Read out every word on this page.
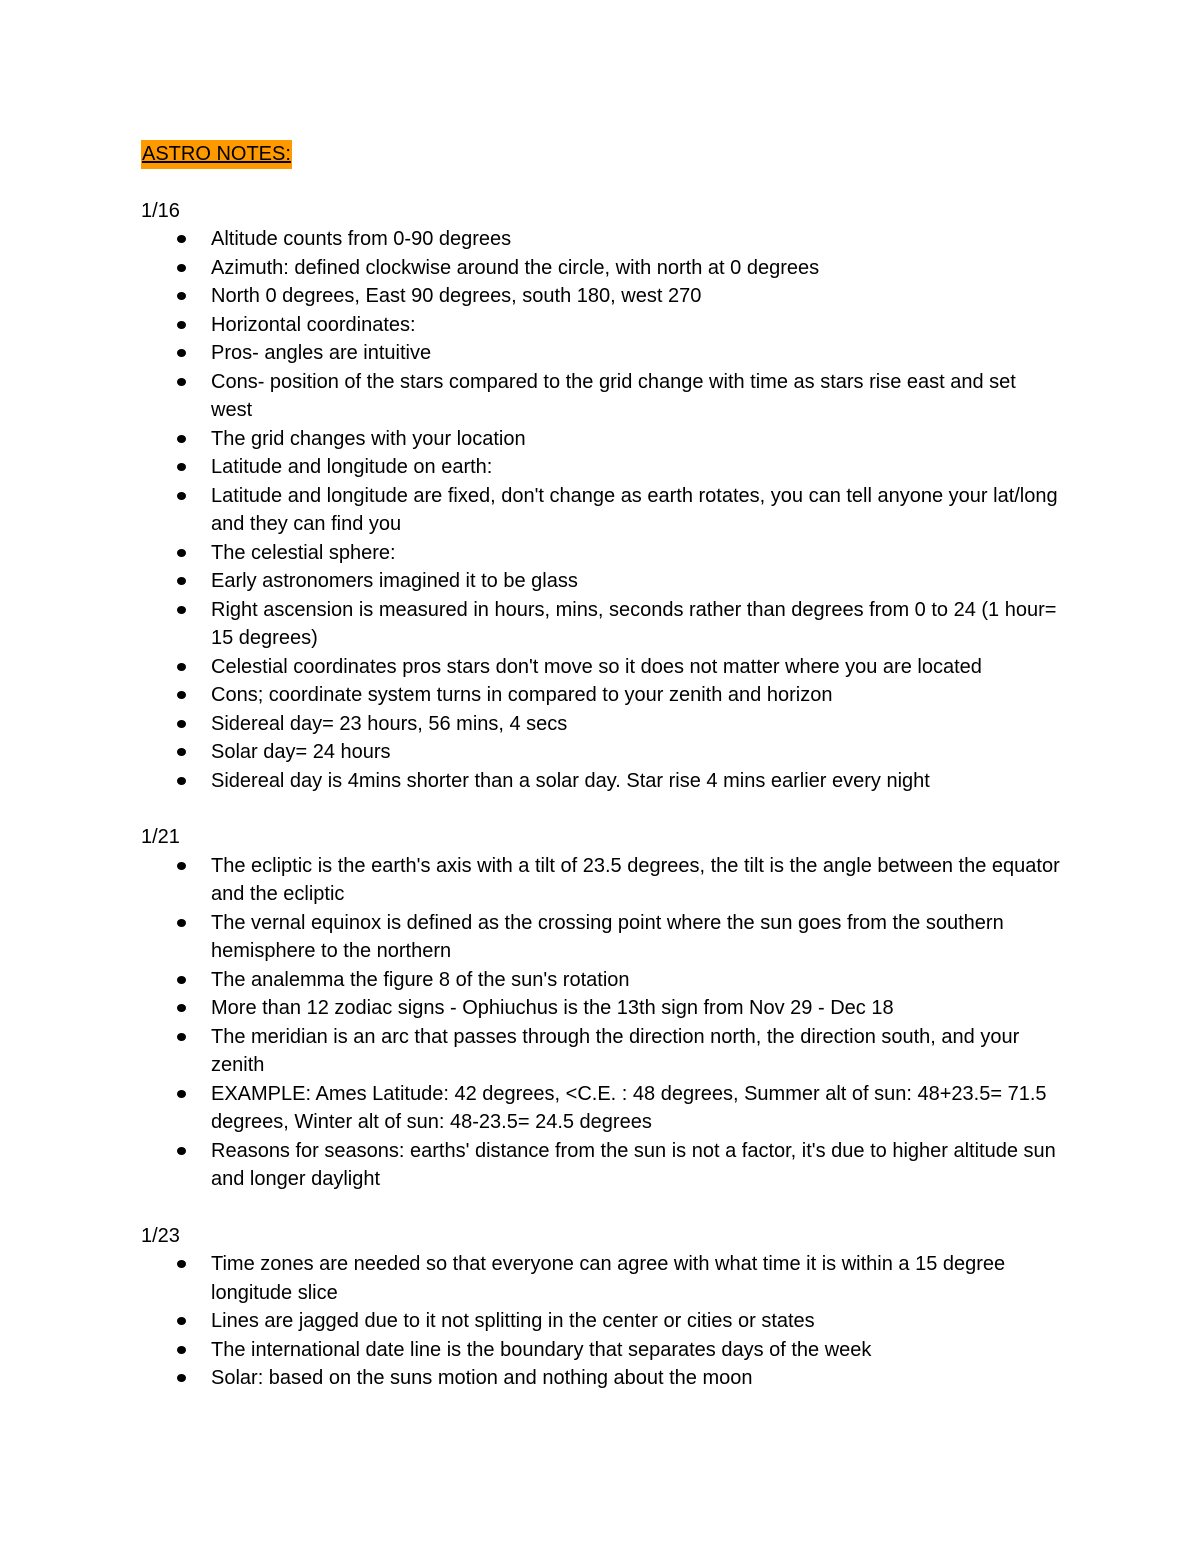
ASTRO NOTES:
1/16
Altitude counts from 0-90 degrees
Azimuth: defined clockwise around the circle, with north at 0 degrees
North 0 degrees, East 90 degrees, south 180, west 270
Horizontal coordinates:
Pros- angles are intuitive
Cons- position of the stars compared to the grid change with time as stars rise east and set west
The grid changes with your location
Latitude and longitude on earth:
Latitude and longitude are fixed, don't change as earth rotates, you can tell anyone your lat/long and they can find you
The celestial sphere:
Early astronomers imagined it to be glass
Right ascension is measured in hours, mins, seconds rather than degrees from 0 to 24 (1 hour= 15 degrees)
Celestial coordinates pros stars don't move so it does not matter where you are located
Cons; coordinate system turns in compared to your zenith and horizon
Sidereal day= 23 hours, 56 mins, 4 secs
Solar day= 24 hours
Sidereal day is 4mins shorter than a solar day. Star rise 4 mins earlier every night
1/21
The ecliptic is the earth's axis with a tilt of 23.5 degrees, the tilt is the angle between the equator and the ecliptic
The vernal equinox is defined as the crossing point where the sun goes from the southern hemisphere to the northern
The analemma the figure 8 of the sun's rotation
More than 12 zodiac signs - Ophiuchus is the 13th sign from Nov 29 - Dec 18
The meridian is an arc that passes through the direction north, the direction south, and your zenith
EXAMPLE: Ames Latitude: 42 degrees, <C.E. : 48 degrees, Summer alt of sun: 48+23.5= 71.5 degrees, Winter alt of sun: 48-23.5= 24.5 degrees
Reasons for seasons: earths' distance from the sun is not a factor, it's due to higher altitude sun and longer daylight
1/23
Time zones are needed so that everyone can agree with what time it is within a 15 degree longitude slice
Lines are jagged due to it not splitting in the center or cities or states
The international date line is the boundary that separates days of the week
Solar: based on the suns motion and nothing about the moon
